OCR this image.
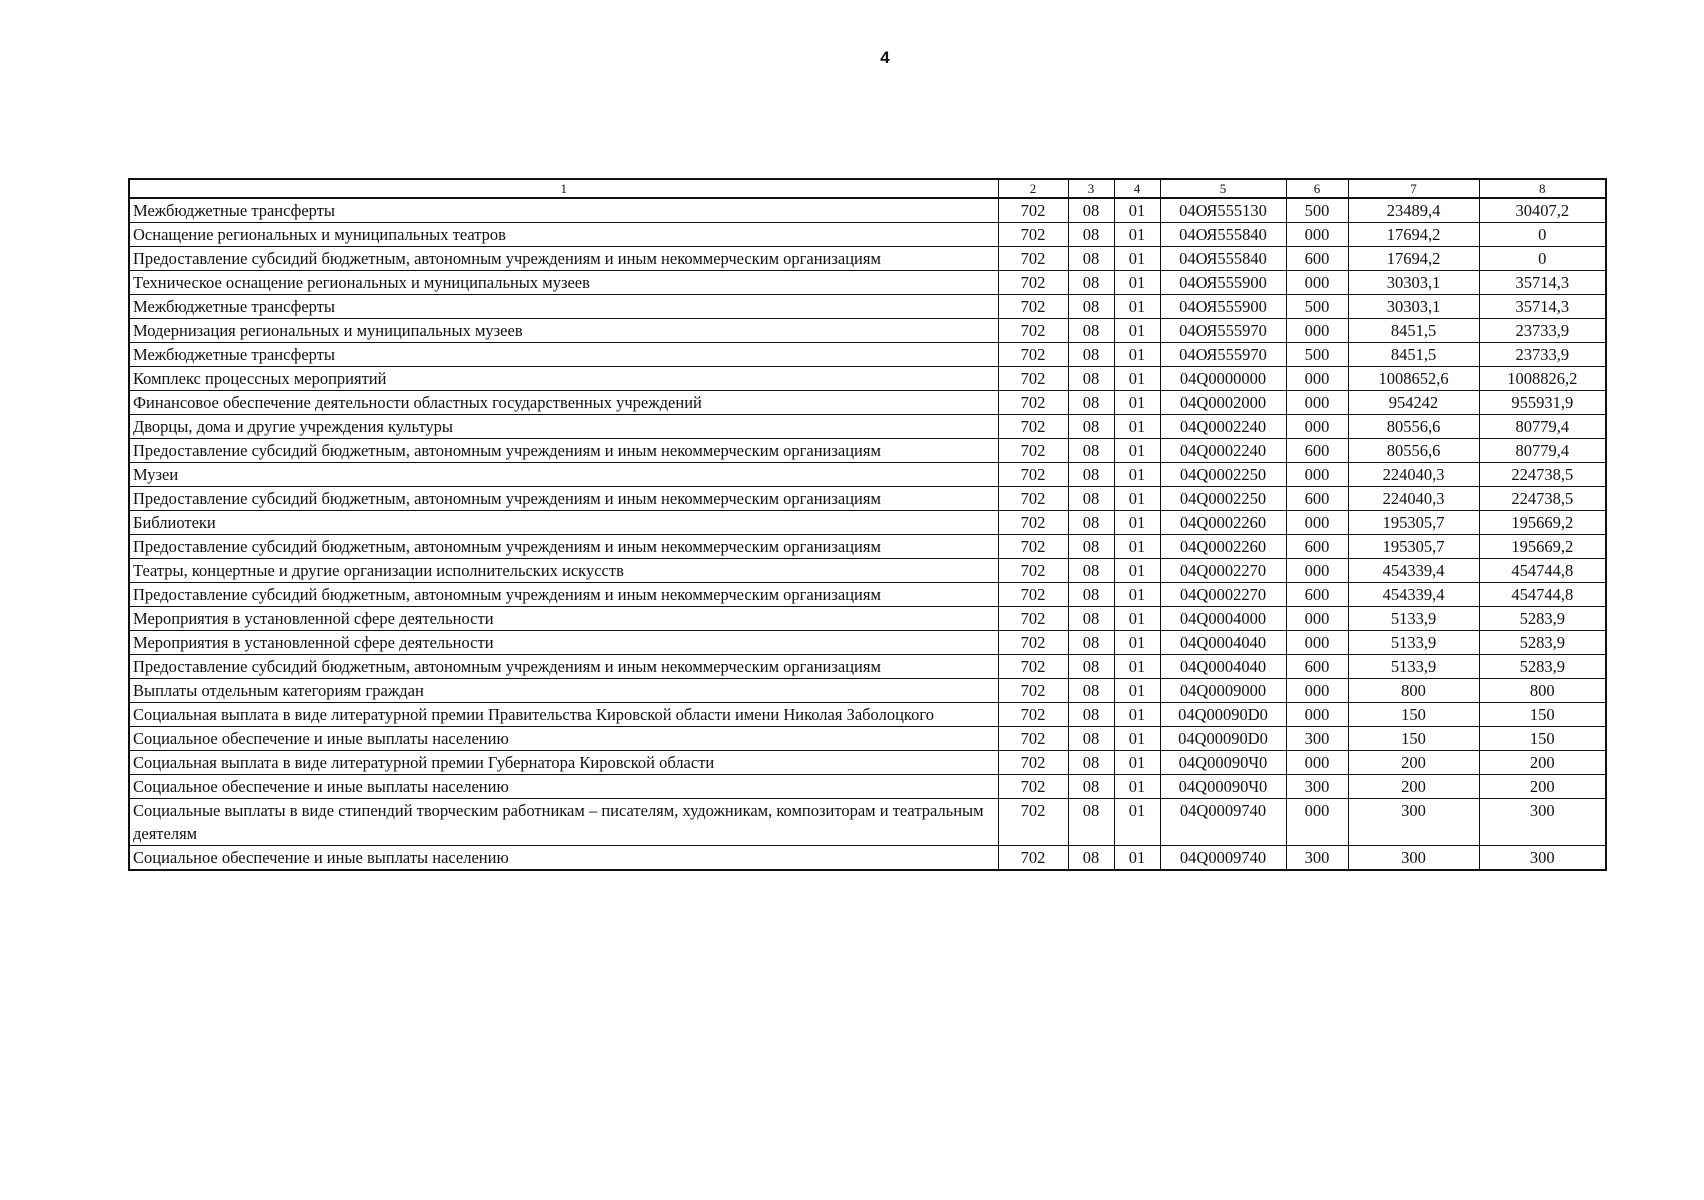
4
1	2	3	4	5	6	7	8
Межбюджетные трансферты	702	08	01	04ОЯ555130	500	23489,4	30407,2
Оснащение региональных и муниципальных театров	702	08	01	04ОЯ555840	000	17694,2	0
Предоставление субсидий бюджетным, автономным учреждениям и иным некоммерческим организациям	702	08	01	04ОЯ555840	600	17694,2	0
Техническое оснащение региональных и муниципальных музеев	702	08	01	04ОЯ555900	000	30303,1	35714,3
Межбюджетные трансферты	702	08	01	04ОЯ555900	500	30303,1	35714,3
Модернизация региональных и муниципальных музеев	702	08	01	04ОЯ555970	000	8451,5	23733,9
Межбюджетные трансферты	702	08	01	04ОЯ555970	500	8451,5	23733,9
Комплекс процессных мероприятий	702	08	01	04Q0000000	000	1008652,6	1008826,2
Финансовое обеспечение деятельности областных государственных учреждений	702	08	01	04Q0002000	000	954242	955931,9
Дворцы, дома и другие учреждения культуры	702	08	01	04Q0002240	000	80556,6	80779,4
Предоставление субсидий бюджетным, автономным учреждениям и иным некоммерческим организациям	702	08	01	04Q0002240	600	80556,6	80779,4
Музеи	702	08	01	04Q0002250	000	224040,3	224738,5
Предоставление субсидий бюджетным, автономным учреждениям и иным некоммерческим организациям	702	08	01	04Q0002250	600	224040,3	224738,5
Библиотеки	702	08	01	04Q0002260	000	195305,7	195669,2
Предоставление субсидий бюджетным, автономным учреждениям и иным некоммерческим организациям	702	08	01	04Q0002260	600	195305,7	195669,2
Театры, концертные и другие организации исполнительских искусств	702	08	01	04Q0002270	000	454339,4	454744,8
Предоставление субсидий бюджетным, автономным учреждениям и иным некоммерческим организациям	702	08	01	04Q0002270	600	454339,4	454744,8
Мероприятия в установленной сфере деятельности	702	08	01	04Q0004000	000	5133,9	5283,9
Мероприятия в установленной сфере деятельности	702	08	01	04Q0004040	000	5133,9	5283,9
Предоставление субсидий бюджетным, автономным учреждениям и иным некоммерческим организациям	702	08	01	04Q0004040	600	5133,9	5283,9
Выплаты отдельным категориям граждан	702	08	01	04Q0009000	000	800	800
Социальная выплата в виде литературной премии Правительства Кировской области имени Николая Заболоцкого	702	08	01	04Q00090D0	000	150	150
Социальное обеспечение и иные выплаты населению	702	08	01	04Q00090D0	300	150	150
Социальная выплата в виде литературной премии Губернатора Кировской области	702	08	01	04Q00090Ч0	000	200	200
Социальное обеспечение и иные выплаты населению	702	08	01	04Q00090Ч0	300	200	200
Социальные выплаты в виде стипендий творческим работникам – писателям, художникам, композиторам и театральным деятелям	702	08	01	04Q0009740	000	300	300
Социальное обеспечение и иные выплаты населению	702	08	01	04Q0009740	300	300	300
